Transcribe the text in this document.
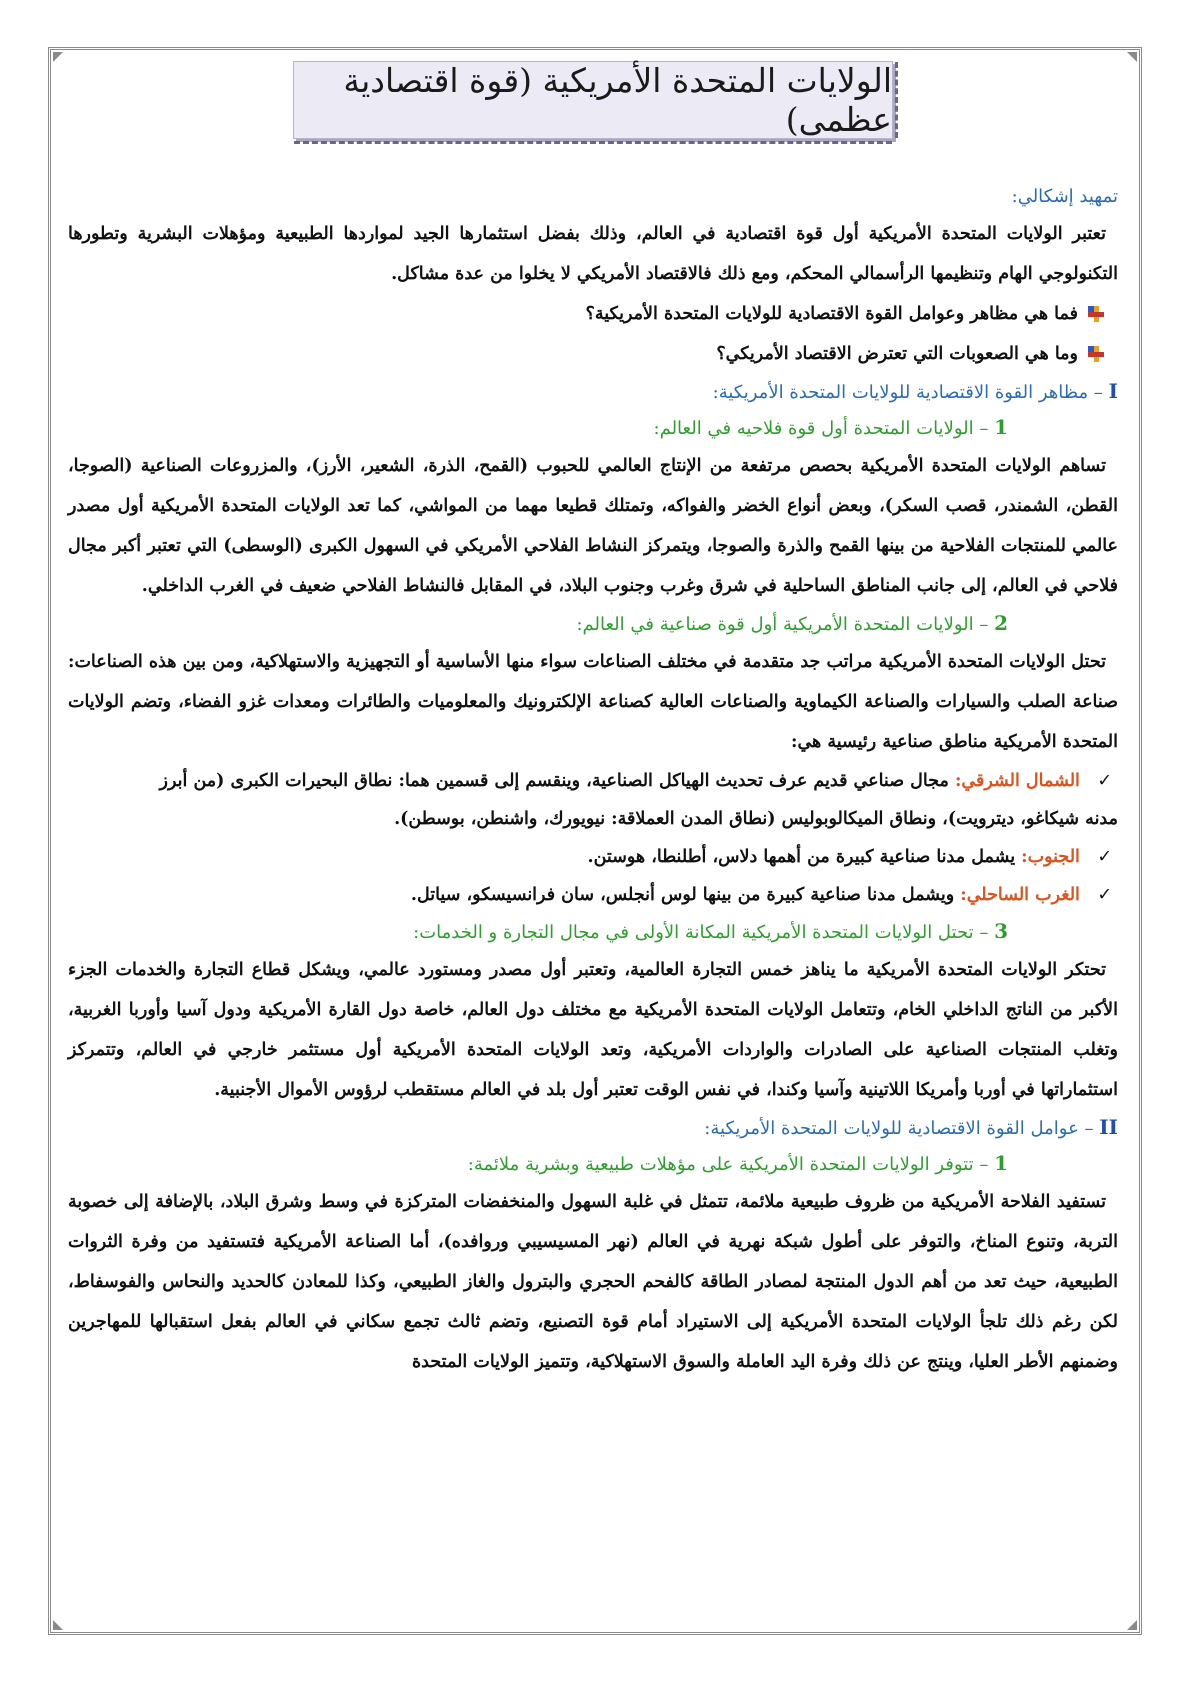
الولايات المتحدة الأمريكية (قوة اقتصادية عظمى)
تمهيد إشكالي:

تعتبر الولايات المتحدة الأمريكية أول قوة اقتصادية في العالم، وذلك بفضل استثمارها الجيد لمواردها الطبيعية ومؤهلات البشرية وتطورها التكنولوجي الهام وتنظيمها الرأسمالي المحكم، ومع ذلك فالاقتصاد الأمريكي لا يخلوا من عدة مشاكل.

فما هي مظاهر وعوامل القوة الاقتصادية للولايات المتحدة الأمريكية؟
وما هي الصعوبات التي تعترض الاقتصاد الأمريكي؟
I – مظاهر القوة الاقتصادية للولايات المتحدة الأمريكية:
1 – الولايات المتحدة أول قوة فلاحيه في العالم:

تساهم الولايات المتحدة الأمريكية بحصص مرتفعة من الإنتاج العالمي للحبوب (القمح، الذرة، الشعير، الأرز)، والمزروعات الصناعية (الصوجا، القطن، الشمندر، قصب السكر)، وبعض أنواع الخضر والفواكه، وتمتلك قطيعا مهما من المواشي، كما تعد الولايات المتحدة الأمريكية أول مصدر عالمي للمنتجات الفلاحية من بينها القمح والذرة والصوجا، ويتمركز النشاط الفلاحي الأمريكي في السهول الكبرى (الوسطى) التي تعتبر أكبر مجال فلاحي في العالم، إلى جانب المناطق الساحلية في شرق وغرب وجنوب البلاد، في المقابل فالنشاط الفلاحي ضعيف في الغرب الداخلي.

2 – الولايات المتحدة الأمريكية أول قوة صناعية في العالم:

تحتل الولايات المتحدة الأمريكية مراتب جد متقدمة في مختلف الصناعات سواء منها الأساسية أو التجهيزية والاستهلاكية، ومن بين هذه الصناعات: صناعة الصلب والسيارات والصناعة الكيماوية والصناعات العالية كصناعة الإلكترونيك والمعلوميات والطائرات ومعدات غزو الفضاء، وتضم الولايات المتحدة الأمريكية مناطق صناعية رئيسية هي:

✓ الشمال الشرقي: مجال صناعي قديم عرف تحديث الهياكل الصناعية، وينقسم إلى قسمين هما: نطاق البحيرات الكبرى (من أبرز
مدنه شيكاغو، ديترويت)، ونطاق الميكالوبوليس (نطاق المدن العملاقة: نيويورك، واشنطن، بوسطن).
✓ الجنوب: يشمل مدنا صناعية كبيرة من أهمها دلاس، أطلنطا، هوستن.
✓ الغرب الساحلي: ويشمل مدنا صناعية كبيرة من بينها لوس أنجلس، سان فرانسيسكو، سياتل.
3 – تحتل الولايات المتحدة الأمريكية المكانة الأولى في مجال التجارة و الخدمات:

تحتكر الولايات المتحدة الأمريكية ما يناهز خمس التجارة العالمية، وتعتبر أول مصدر ومستورد عالمي، ويشكل قطاع التجارة والخدمات الجزء الأكبر من الناتج الداخلي الخام، وتتعامل الولايات المتحدة الأمريكية مع مختلف دول العالم، خاصة دول القارة الأمريكية ودول آسيا وأوربا الغربية، وتغلب المنتجات الصناعية على الصادرات والواردات الأمريكية، وتعد الولايات المتحدة الأمريكية أول مستثمر خارجي في العالم، وتتمركز استثماراتها في أوربا وأمريكا اللاتينية وآسيا وكندا، في نفس الوقت تعتبر أول بلد في العالم مستقطب لرؤوس الأموال الأجنبية.

II – عوامل القوة الاقتصادية للولايات المتحدة الأمريكية:
1 – تتوفر الولايات المتحدة الأمريكية على مؤهلات طبيعية وبشرية ملائمة:

تستفيد الفلاحة الأمريكية من ظروف طبيعية ملائمة، تتمثل في غلبة السهول والمنخفضات المتركزة في وسط وشرق البلاد، بالإضافة إلى خصوبة التربة، وتنوع المناخ، والتوفر على أطول شبكة نهرية في العالم (نهر المسيسيبي وروافده)، أما الصناعة الأمريكية فتستفيد من وفرة الثروات الطبيعية، حيث تعد من أهم الدول المنتجة لمصادر الطاقة كالفحم الحجري والبترول والغاز الطبيعي، وكذا للمعادن كالحديد والنحاس والفوسفاط، لكن رغم ذلك تلجأ الولايات المتحدة الأمريكية إلى الاستيراد أمام قوة التصنيع، وتضم ثالث تجمع سكاني في العالم بفعل استقبالها للمهاجرين وضمنهم الأطر العليا، وينتج عن ذلك وفرة اليد العاملة والسوق الاستهلاكية، وتتميز الولايات المتحدة
